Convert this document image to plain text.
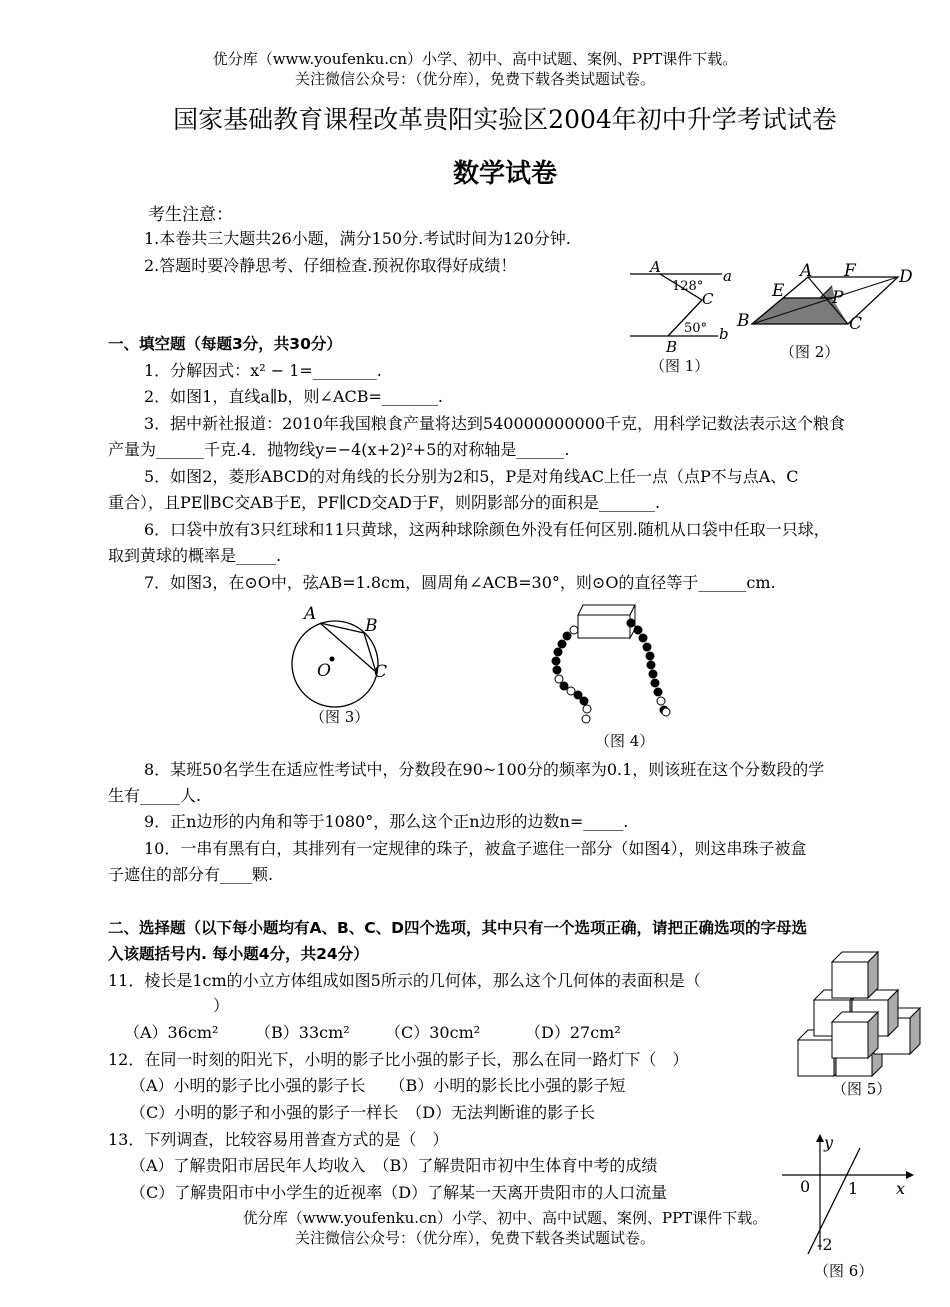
优分库（www.youfenku.cn）小学、初中、高中试题、案例、PPT课件下载。
关注微信公众号：（优分库），免费下载各类试题试卷。
国家基础教育课程改革贵阳实验区2004年初中升学考试试卷
数学试卷
考生注意：
1.本卷共三大题共26小题，满分150分.考试时间为120分钟.
2.答题时要冷静思考、仔细检查.预祝你取得好成绩！	A	a
128°
C
50° b
B
（图 1）
A F	D
E	P
B	C
（图 2）
一、填空题（每题3分，共30分）
1．分解因式：x² − 1=________.
2．如图1，直线a∥b，则∠ACB=_______.
3．据中新社报道：2010年我国粮食产量将达到540000000000千克，用科学记数法表示这个粮食
产量为______千克.4．抛物线y=−4(x+2)²+5的对称轴是______.
5．如图2，菱形ABCD的对角线的长分别为2和5，P是对角线AC上任一点（点P不与点A、C
重合），且PE∥BC交AB于E，PF∥CD交AD于F，则阴影部分的面积是_______.
6．口袋中放有3只红球和11只黄球，这两种球除颜色外没有任何区别.随机从口袋中任取一只球，
取到黄球的概率是_____.
7．如图3，在⊙O中，弦AB=1.8cm，圆周角∠ACB=30°，则⊙O的直径等于______cm.
A
B
O	C
（图 3）
（图 4）
8．某班50名学生在适应性考试中，分数段在90~100分的频率为0.1，则该班在这个分数段的学
生有_____人.
9．正n边形的内角和等于1080°，那么这个正n边形的边数n=_____.
10．一串有黑有白，其排列有一定规律的珠子，被盒子遮住一部分（如图4），则这串珠子被盒
子遮住的部分有____颗.
二、选择题（以下每小题均有A、B、C、D四个选项，其中只有一个选项正确，请把正确选项的字母选
入该题括号内. 每小题4分，共24分）
11．棱长是1cm的小立方体组成如图5所示的几何体，那么这个几何体的表面积是（
）
（A）36cm² （B）33cm² （C）30cm²	（D）27cm²
（图 5）
12．在同一时刻的阳光下，小明的影子比小强的影子长，那么在同一路灯下（　）
（A）小明的影子比小强的影子长　　（B）小明的影长比小强的影子短
（C）小明的影子和小强的影子一样长　（D）无法判断谁的影子长
13．下列调查，比较容易用普查方式的是（　）
（A）了解贵阳市居民年人均收入　（B）了解贵阳市初中生体育中考的成绩
（C）了解贵阳市中小学生的近视率（D）了解某一天离开贵阳市的人口流量
y
x
0 1
-2
（图 6）
优分库（www.youfenku.cn）小学、初中、高中试题、案例、PPT课件下载。
关注微信公众号：（优分库），免费下载各类试题试卷。
